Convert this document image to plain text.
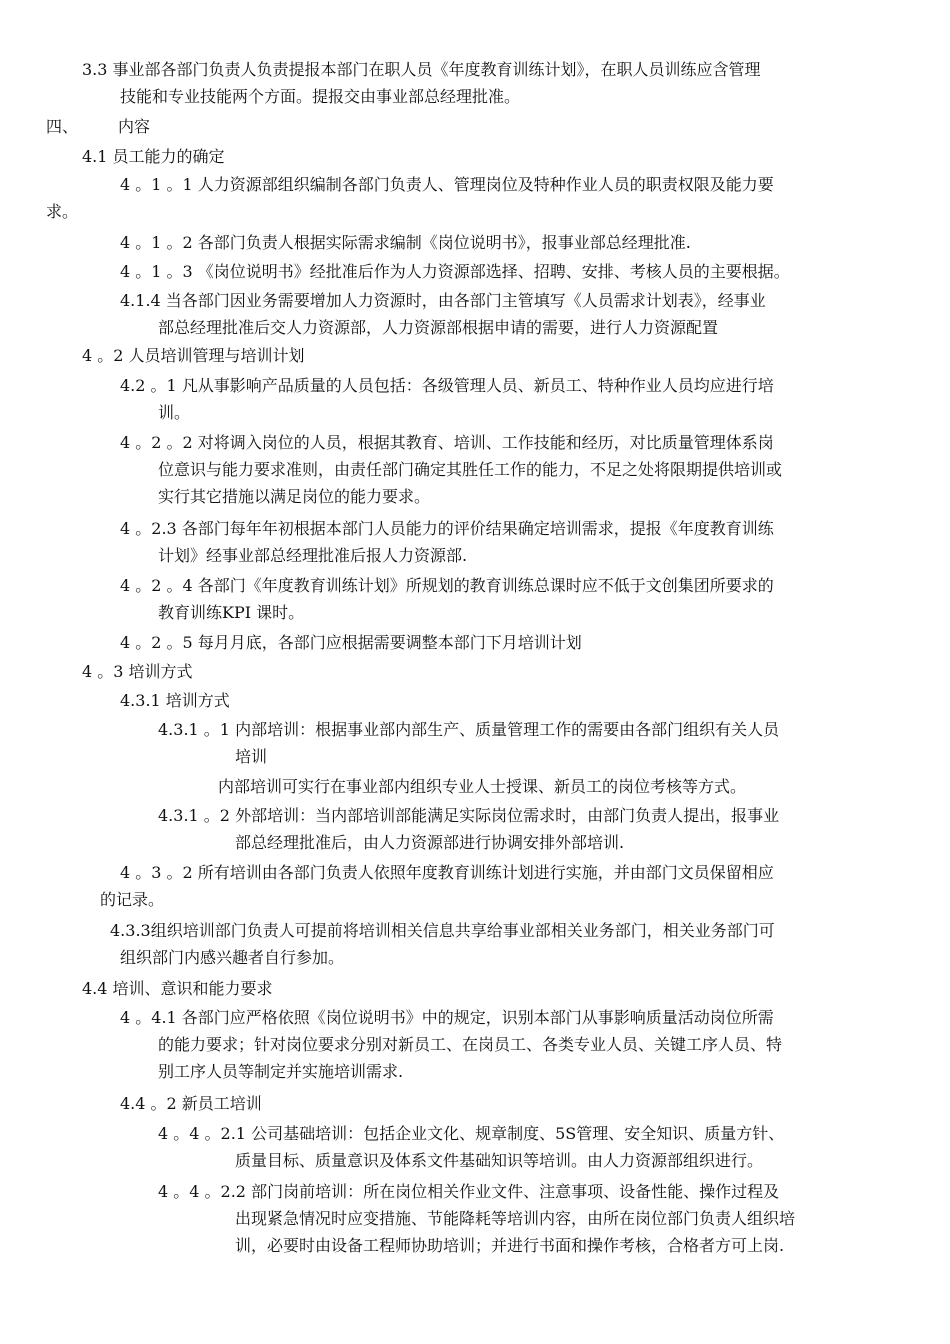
3.3 事业部各部门负责人负责提报本部门在职人员《年度教育训练计划》，在职人员训练应含管理
技能和专业技能两个方面。提报交由事业部总经理批准。
四、　　　内容
4.1 员工能力的确定
4 。1 。1 人力资源部组织编制各部门负责人、管理岗位及特种作业人员的职责权限及能力要
求。
4 。1 。2 各部门负责人根据实际需求编制《岗位说明书》，报事业部总经理批准.
4 。1 。3 《岗位说明书》经批准后作为人力资源部选择、招聘、安排、考核人员的主要根据。
4.1.4 当各部门因业务需要增加人力资源时，由各部门主管填写《人员需求计划表》，经事业
部总经理批准后交人力资源部，人力资源部根据申请的需要，进行人力资源配置
4 。2 人员培训管理与培训计划
4.2 。1 凡从事影响产品质量的人员包括：各级管理人员、新员工、特种作业人员均应进行培
训。
4 。2 。2 对将调入岗位的人员，根据其教育、培训、工作技能和经历，对比质量管理体系岗
位意识与能力要求准则，由责任部门确定其胜任工作的能力，不足之处将限期提供培训或
实行其它措施以满足岗位的能力要求。
4 。2.3 各部门每年年初根据本部门人员能力的评价结果确定培训需求，提报《年度教育训练
计划》经事业部总经理批准后报人力资源部.
4 。2 。4 各部门《年度教育训练计划》所规划的教育训练总课时应不低于文创集团所要求的
教育训练KPI 课时。
4 。2 。5 每月月底，各部门应根据需要调整本部门下月培训计划
4 。3 培训方式
4.3.1 培训方式
4.3.1 。1 内部培训：根据事业部内部生产、质量管理工作的需要由各部门组织有关人员
培训
内部培训可实行在事业部内组织专业人士授课、新员工的岗位考核等方式。
4.3.1 。2 外部培训：当内部培训部能满足实际岗位需求时，由部门负责人提出，报事业
部总经理批准后，由人力资源部进行协调安排外部培训.
4 。3 。2 所有培训由各部门负责人依照年度教育训练计划进行实施，并由部门文员保留相应
的记录。
4.3.3组织培训部门负责人可提前将培训相关信息共享给事业部相关业务部门，相关业务部门可
组织部门内感兴趣者自行参加。
4.4 培训、意识和能力要求
4 。4.1 各部门应严格依照《岗位说明书》中的规定，识别本部门从事影响质量活动岗位所需
的能力要求；针对岗位要求分别对新员工、在岗员工、各类专业人员、关键工序人员、特
别工序人员等制定并实施培训需求.
4.4 。2 新员工培训
4 。4 。2.1 公司基础培训：包括企业文化、规章制度、5S管理、安全知识、质量方针、
质量目标、质量意识及体系文件基础知识等培训。由人力资源部组织进行。
4 。4 。2.2 部门岗前培训：所在岗位相关作业文件、注意事项、设备性能、操作过程及
出现紧急情况时应变措施、节能降耗等培训内容，由所在岗位部门负责人组织培
训，必要时由设备工程师协助培训；并进行书面和操作考核，合格者方可上岗.
